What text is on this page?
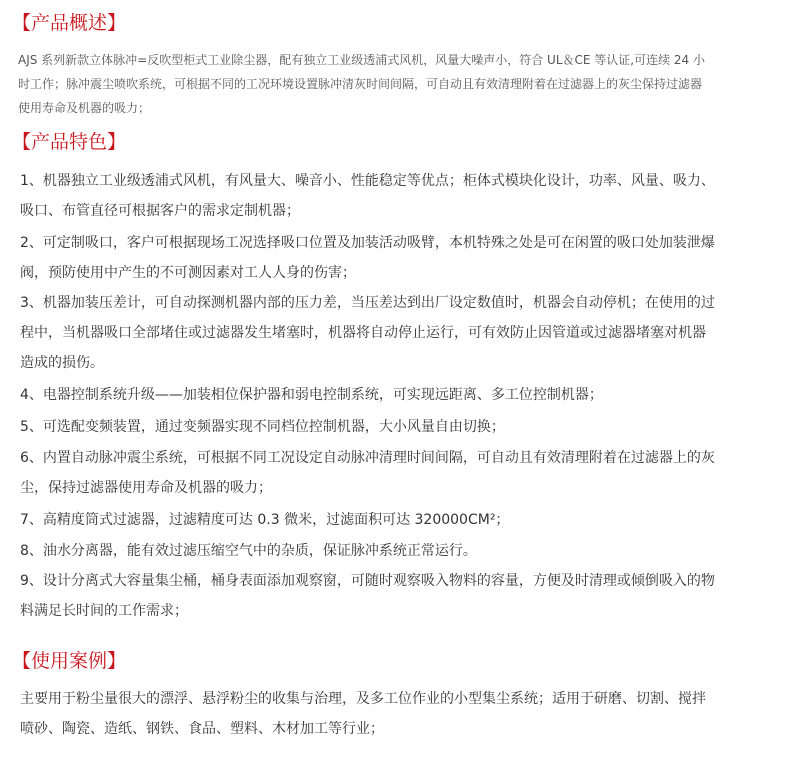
【产品概述】
AJS 系列新款立体脉冲=反吹型柜式工业除尘器，配有独立工业级透浦式风机，风量大噪声小，符合 UL＆CE 等认证,可连续 24 小
时工作；脉冲震尘喷吹系统，可根据不同的工况环境设置脉冲清灰时间间隔，可自动且有效清理附着在过滤器上的灰尘保持过滤器
使用寿命及机器的吸力；
【产品特色】
1、机器独立工业级透浦式风机，有风量大、噪音小、性能稳定等优点；柜体式模块化设计，功率、风量、吸力、
吸口、布管直径可根据客户的需求定制机器；
2、可定制吸口，客户可根据现场工况选择吸口位置及加装活动吸臂，本机特殊之处是可在闲置的吸口处加装泄爆
阀，预防使用中产生的不可测因素对工人人身的伤害；
3、机器加装压差计，可自动探测机器内部的压力差，当压差达到出厂设定数值时，机器会自动停机；在使用的过
程中，当机器吸口全部堵住或过滤器发生堵塞时，机器将自动停止运行，可有效防止因管道或过滤器堵塞对机器
造成的损伤。
4、电器控制系统升级——加装相位保护器和弱电控制系统，可实现远距离、多工位控制机器；
5、可选配变频装置，通过变频器实现不同档位控制机器，大小风量自由切换；
6、内置自动脉冲震尘系统，可根据不同工况设定自动脉冲清理时间间隔，可自动且有效清理附着在过滤器上的灰
尘，保持过滤器使用寿命及机器的吸力；
7、高精度筒式过滤器，过滤精度可达 0.3 微米，过滤面积可达 320000CM²；
8、油水分离器，能有效过滤压缩空气中的杂质，保证脉冲系统正常运行。
9、设计分离式大容量集尘桶，桶身表面添加观察窗，可随时观察吸入物料的容量，方便及时清理或倾倒吸入的物
料满足长时间的工作需求；
【使用案例】
主要用于粉尘量很大的漂浮、悬浮粉尘的收集与治理，及多工位作业的小型集尘系统；适用于研磨、切割、搅拌
喷砂、陶瓷、造纸、钢铁、食品、塑料、木材加工等行业；
